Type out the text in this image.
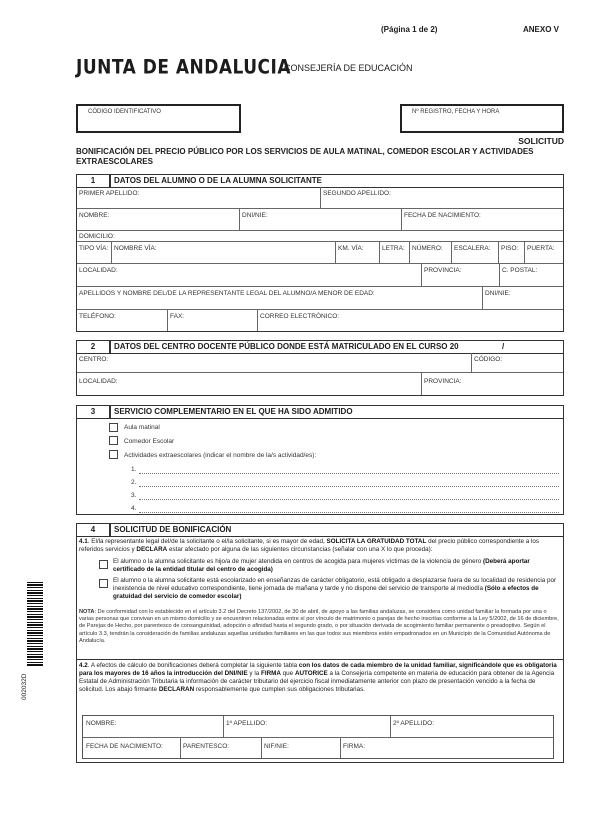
(Página 1 de 2)	ANEXO V
JUNTA DE ANDALUCIA
CONSEJERÍA DE EDUCACIÓN
CÓDIGO IDENTIFICATIVO	Nº REGISTRO, FECHA Y HORA
SOLICITUD
BONIFICACIÓN DEL PRECIO PÚBLICO POR LOS SERVICIOS DE AULA MATINAL, COMEDOR ESCOLAR Y ACTIVIDADES EXTRAESCOLARES
1	DATOS DEL ALUMNO O DE LA ALUMNA SOLICITANTE
PRIMER APELLIDO:	SEGUNDO APELLIDO:
NOMBRE:	DNI/NIE:	FECHA DE NACIMIENTO:
DOMICILIO:
TIPO VÍA: NOMBRE VÍA:	KM. VÍA:	LETRA: NÚMERO: ESCALERA: PISO: PUERTA:
LOCALIDAD:	PROVINCIA:	C. POSTAL:
APELLIDOS Y NOMBRE DEL/DE LA REPRESENTANTE LEGAL DEL ALUMNO/A MENOR DE EDAD:	DNI/NIE:
TELÉFONO:	FAX:	CORREO ELECTRÓNICO:
2	DATOS DEL CENTRO DOCENTE PÚBLICO DONDE ESTÁ MATRICULADO EN EL CURSO 20	/
CENTRO:	CÓDIGO:
LOCALIDAD:	PROVINCIA:
3	SERVICIO COMPLEMENTARIO EN EL QUE HA SIDO ADMITIDO
Aula matinal
Comedor Escolar
Actividades extraescolares (indicar el nombre de la/s actividad/es):
1.
2.
3.
4.
4	SOLICITUD DE BONIFICACIÓN
4.1. El/la representante legal del/de la solicitante o el/la solicitante, si es mayor de edad, SOLICITA LA GRATUIDAD TOTAL del precio público correspondiente a los referidos servicios y DECLARA estar afectado por alguna de las siguientes circunstancias (señalar con una X lo que proceda):
El alumno o la alumna solicitante es hijo/a de mujer atendida en centros de acogida para mujeres víctimas de la violencia de género (Deberá aportar certificado de la entidad titular del centro de acogida)
El alumno o la alumna solicitante está escolarizado en enseñanzas de carácter obligatorio, está obligado a desplazarse fuera de su localidad de residencia por inexistencia de nivel educativo correspondiente, tiene jornada de mañana y tarde y no dispone del servicio de transporte al mediodía (Sólo a efectos de gratuidad del servicio de comedor escolar)
NOTA: De conformidad con lo establecido en el artículo 3.2 del Decreto 137/2002, de 30 de abril, de apoyo a las familias andaluzas, se considera como unidad familiar la formada por una o varias personas que convivan en un mismo domicilio y se encuentren relacionadas entre sí por vínculo de matrimonio o parejas de hecho inscritas conforme a la Ley 5/2002, de 16 de diciembre, de Parejas de Hecho, por parentesco de consanguinidad, adopción o afinidad hasta el segundo grado, o por situación derivada de acogimiento familiar permanente o preadoptivo. Según el artículo 3.3, tendrán la consideración de familias andaluzas aquellas unidades familiares en las que todos sus miembros estén empadronados en un Municipio de la Comunidad Autónoma de Andalucía.
4.2. A efectos de cálculo de bonificaciones deberá completar la siguiente tabla con los datos de cada miembro de la unidad familiar, significándole que es obligatoria para los mayores de 16 años la introducción del DNI/NIE y la FIRMA que AUTORICE a la Consejería competente en materia de educación para obtener de la Agencia Estatal de Administración Tributaria la información de carácter tributario del ejercicio fiscal inmediatamente anterior con plazo de presentación vencido a la fecha de solicitud. Los abajo firmante DECLARAN responsablemente que cumplen sus obligaciones tributarias.
NOMBRE:	1º APELLIDO:	2º APELLIDO:
FECHA DE NACIMIENTO:	PARENTESCO:	NIF/NIE:	FIRMA:
002032D
